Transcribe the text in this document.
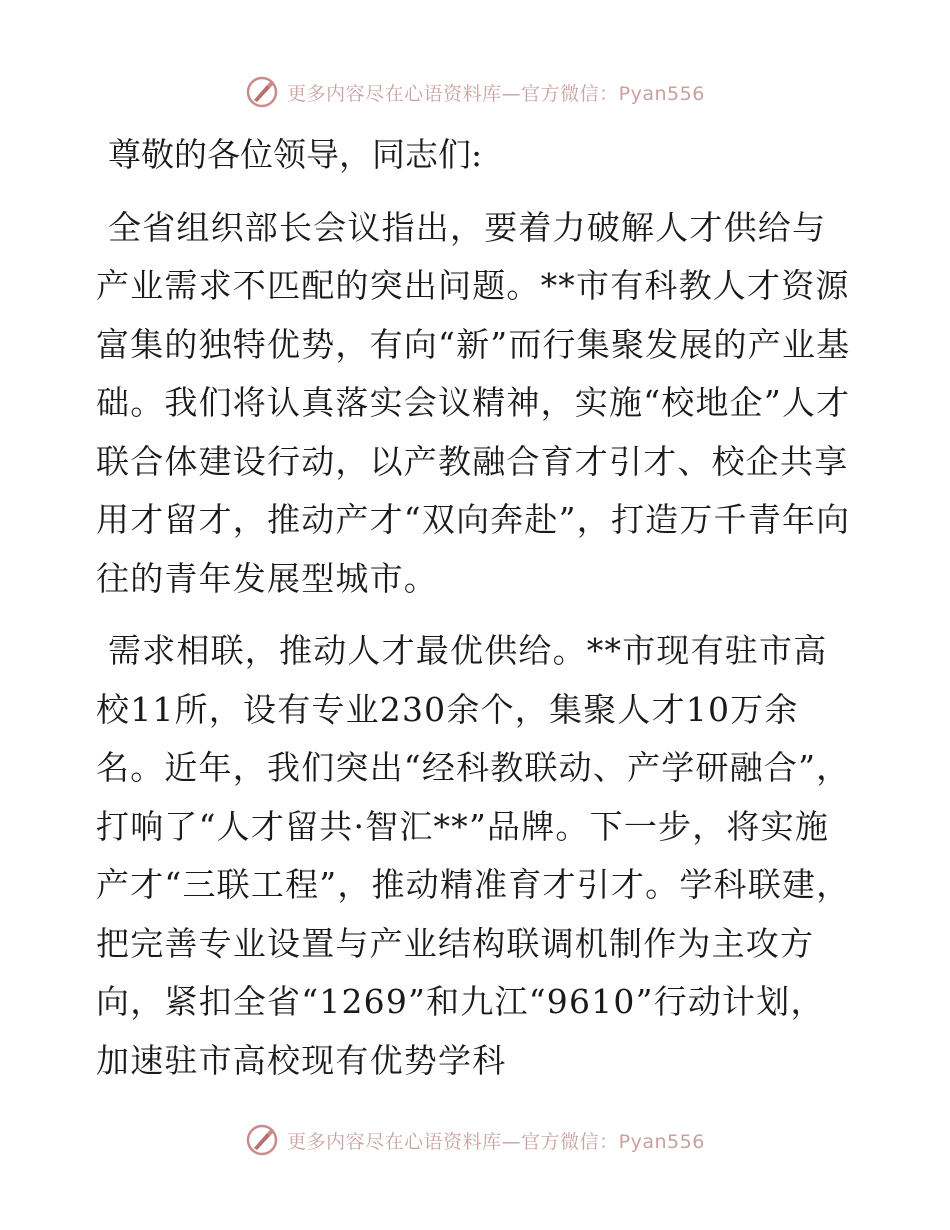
更多内容尽在心语资料库—官方微信：Pyan556

尊敬的各位领导，同志们:

全省组织部长会议指出，要着力破解人才供给与产业需求不匹配的突出问题。**市有科教人才资源富集的独特优势，有向“新”而行集聚发展的产业基础。我们将认真落实会议精神，实施“校地企”人才联合体建设行动，以产教融合育才引才、校企共享用才留才，推动产才“双向奔赴”，打造万千青年向往的青年发展型城市。

需求相联，推动人才最优供给。**市现有驻市高校11所，设有专业230余个，集聚人才10万余名。近年，我们突出“经科教联动、产学研融合”，打响了“人才留共·智汇**”品牌。下一步，将实施产才“三联工程”，推动精准育才引才。学科联建，把完善专业设置与产业结构联调机制作为主攻方向，紧扣全省“1269”和九江“9610”行动计划，加速驻市高校现有优势学科

更多内容尽在心语资料库—官方微信：Pyan556
